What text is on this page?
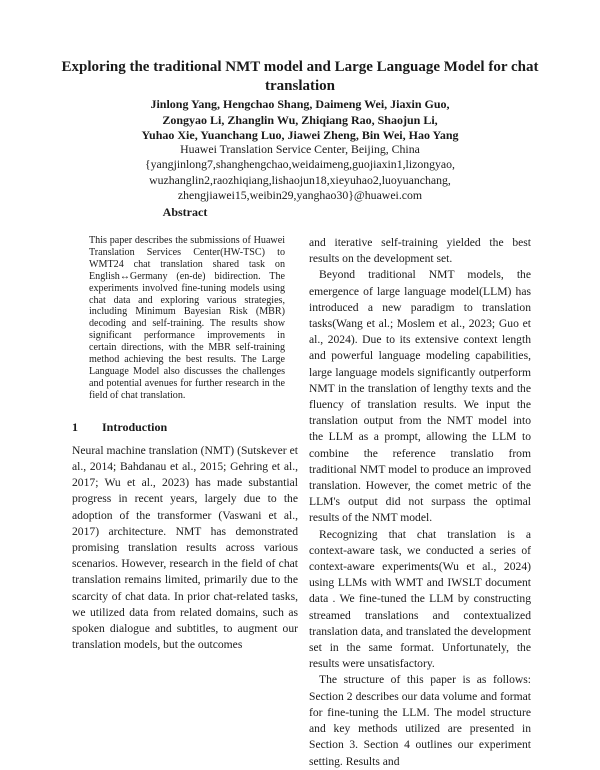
Exploring the traditional NMT model and Large Language Model for chat translation
Jinlong Yang, Hengchao Shang, Daimeng Wei, Jiaxin Guo,
Zongyao Li, Zhanglin Wu, Zhiqiang Rao, Shaojun Li,
Yuhao Xie, Yuanchang Luo, Jiawei Zheng, Bin Wei, Hao Yang
Huawei Translation Service Center, Beijing, China
{yangjinlong7,shanghengchao,weidaimeng,guojiaxin1,lizongyao,
wuzhanglin2,raozhiqiang,lishaojun18,xieyuhao2,luoyuanchang,
zhengjiawei15,weibin29,yanghao30}@huawei.com
Abstract

This paper describes the submissions of Huawei Translation Services Center(HW-TSC) to WMT24 chat translation shared task on English↔Germany (en-de) bidirection. The experiments involved fine-tuning models using chat data and exploring various strategies, including Minimum Bayesian Risk (MBR) decoding and self-training. The results show significant performance improvements in certain directions, with the MBR self-training method achieving the best results. The Large Language Model also discusses the challenges and potential avenues for further research in the field of chat translation.

1	Introduction
Neural machine translation (NMT) (Sutskever et al., 2014; Bahdanau et al., 2015; Gehring et al., 2017; Wu et al., 2023) has made substantial progress in recent years, largely due to the adoption of the transformer (Vaswani et al., 2017) architecture. NMT has demonstrated promising translation results across various scenarios. However, research in the field of chat translation remains limited, primarily due to the scarcity of chat data. In prior chat-related tasks, we utilized data from related domains, such as spoken dialogue and subtitles, to augment our translation models, but the outcomes

and iterative self-training yielded the best results on the development set.

Beyond traditional NMT models, the emergence of large language model(LLM) has introduced a new paradigm to translation tasks(Wang et al.; Moslem et al., 2023; Guo et al., 2024). Due to its extensive context length and powerful language modeling capabilities, large language models significantly outperform NMT in the translation of lengthy texts and the fluency of translation results. We input the translation output from the NMT model into the LLM as a prompt, allowing the LLM to combine the reference translatio from traditional NMT model to produce an improved translation. However, the comet metric of the LLM's output did not surpass the optimal results of the NMT model.

Recognizing that chat translation is a context-aware task, we conducted a series of context-aware experiments(Wu et al., 2024) using LLMs with WMT and IWSLT document data . We fine-tuned the LLM by constructing streamed translations and contextualized translation data, and translated the development set in the same format. Unfortunately, the results were unsatisfactory.

The structure of this paper is as follows: Section 2 describes our data volume and format for fine-tuning the LLM. The model structure and key methods utilized are presented in Section 3. Section 4 outlines our experiment setting. Results and
